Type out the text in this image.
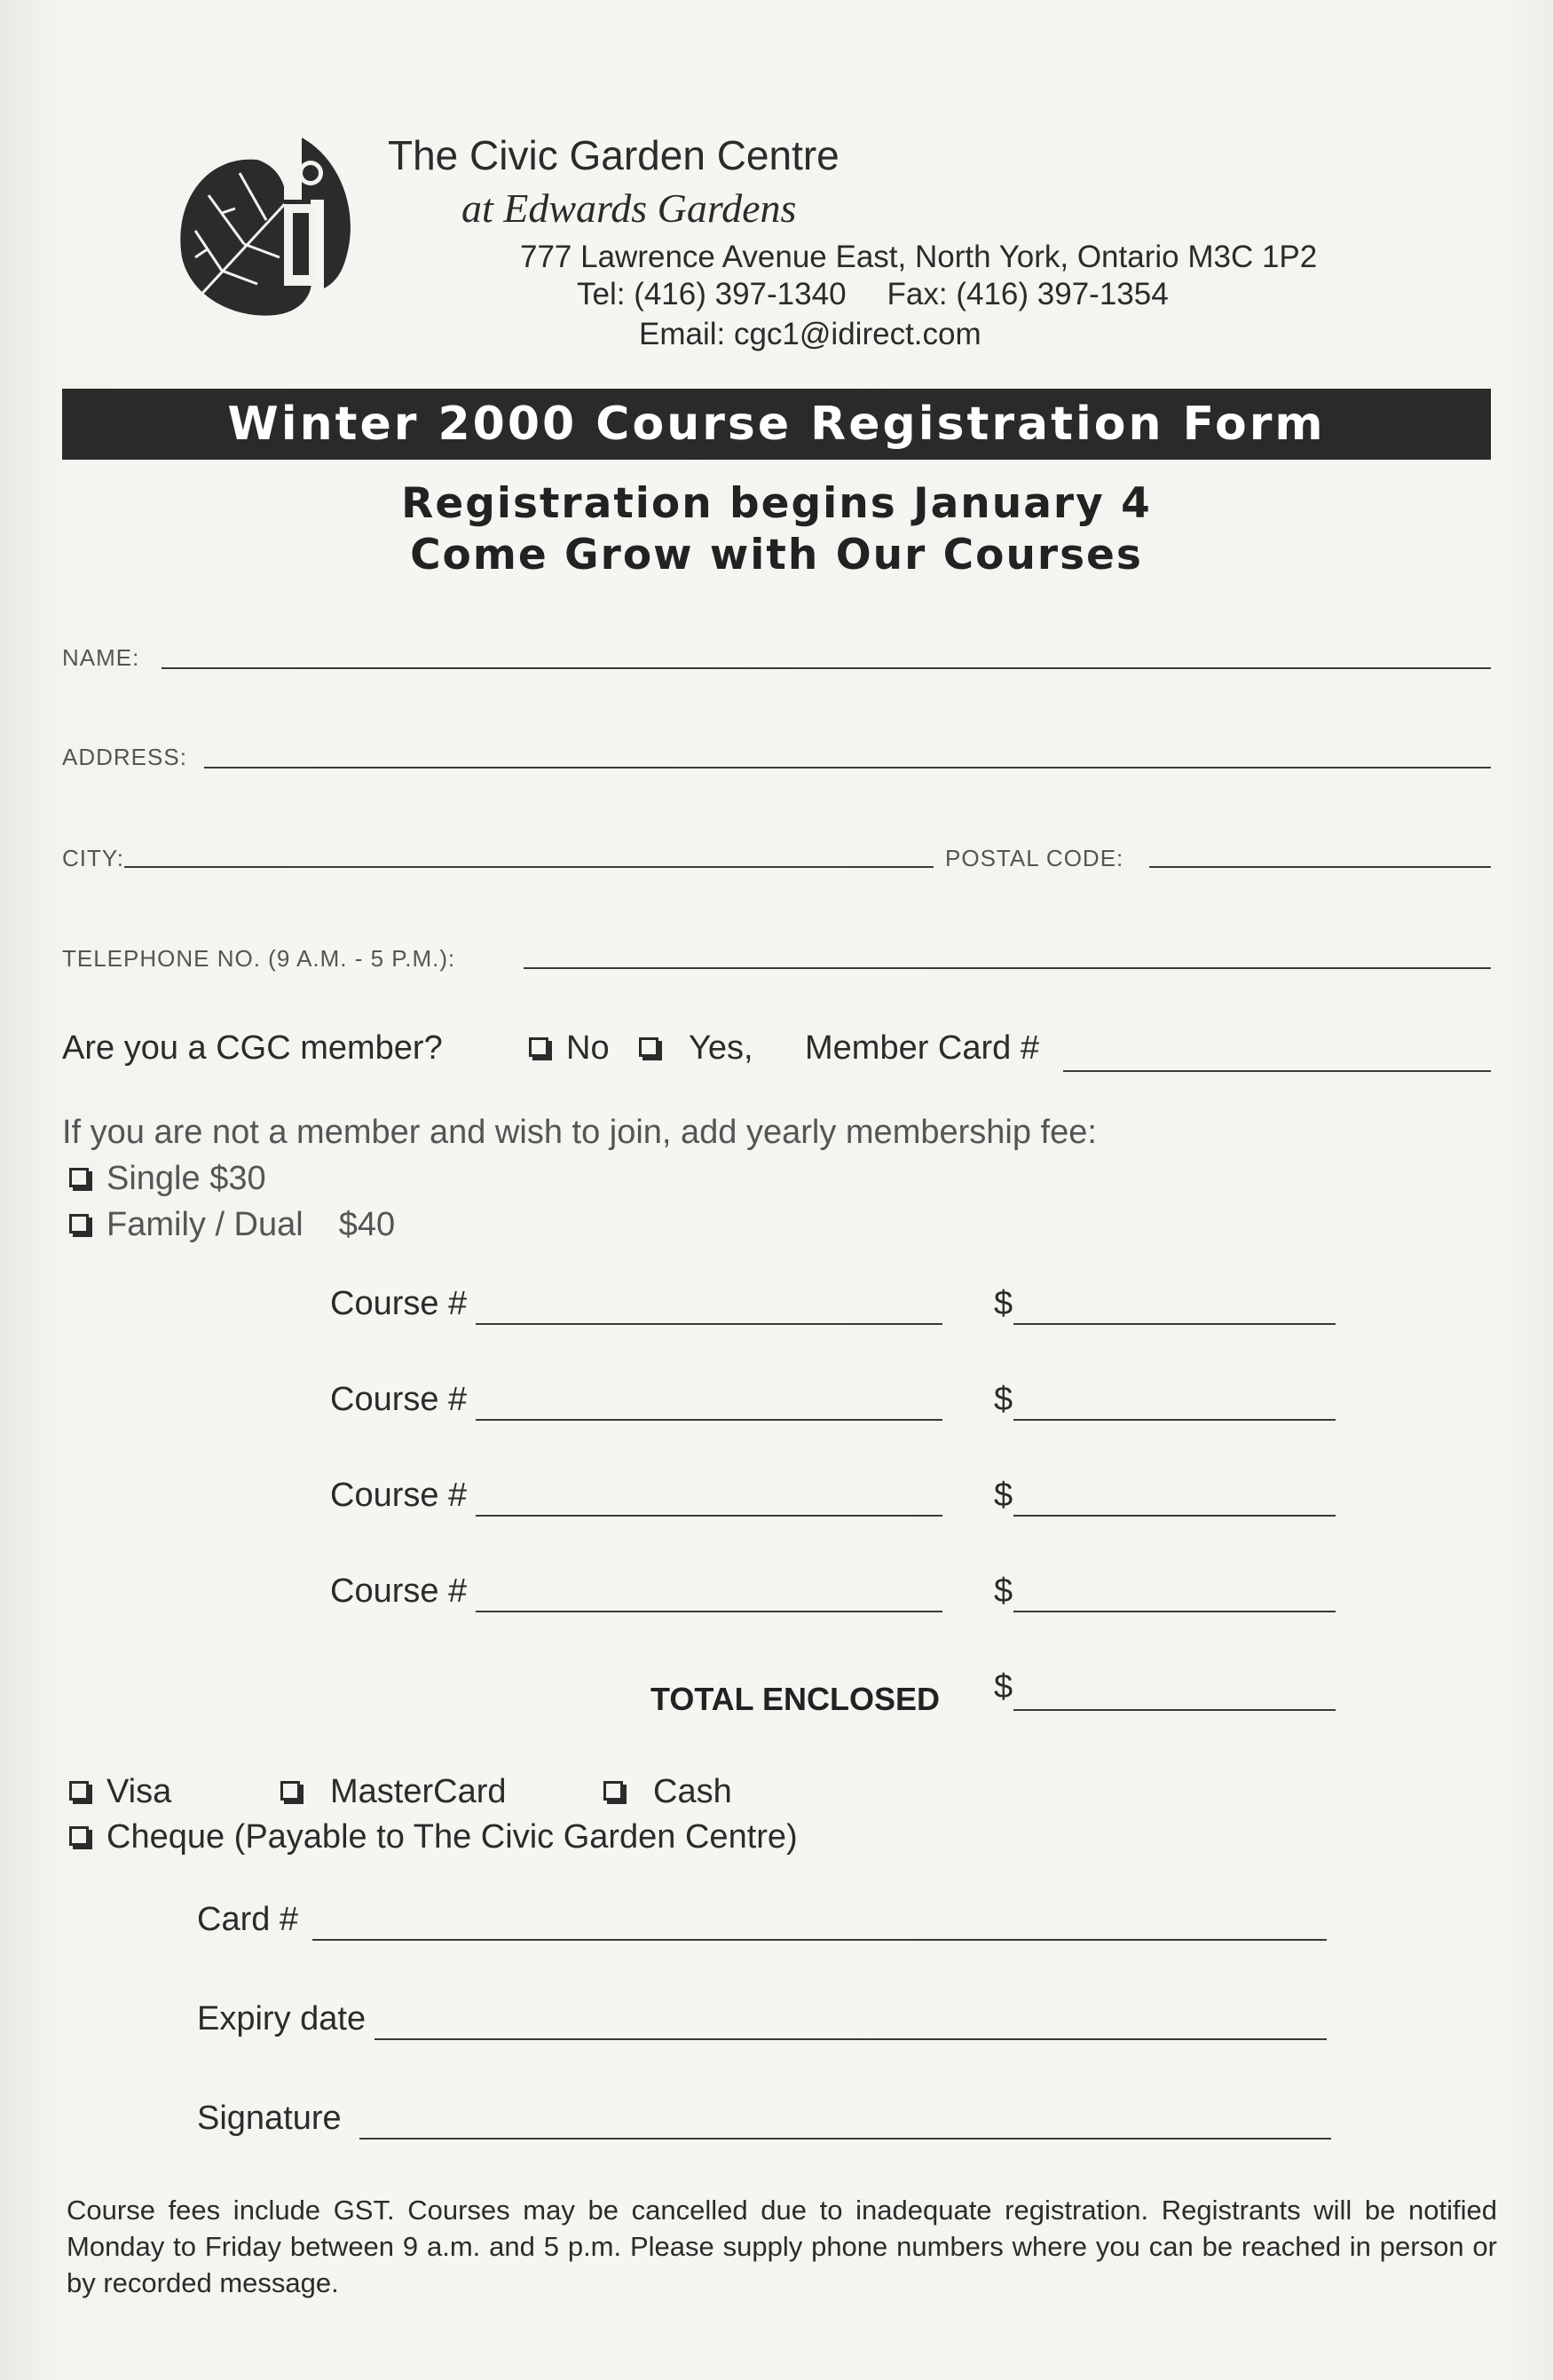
The Civic Garden Centre
at Edwards Gardens
777 Lawrence Avenue East, North York, Ontario M3C 1P2
Tel: (416) 397-1340 Fax: (416) 397-1354
Email: cgc1@idirect.com
Winter 2000 Course Registration Form
Registration begins January 4
Come Grow with Our Courses
NAME:
ADDRESS:
CITY:	POSTAL CODE:
TELEPHONE NO. (9 A.M. - 5 P.M.):
Are you a CGC member?	No	Yes, Member Card #
If you are not a member and wish to join, add yearly membership fee:
Single $30
Family / Dual $40
Course #	$
Course #	$
Course #	$
Course #	$
TOTAL ENCLOSED $
Visa	MasterCard	Cash
Cheque (Payable to The Civic Garden Centre)
Card #
Expiry date
Signature
Course fees include GST. Courses may be cancelled due to inadequate registration. Registrants will be notified Monday to Friday between 9 a.m. and 5 p.m. Please supply phone numbers where you can be reached in person or by recorded message.
